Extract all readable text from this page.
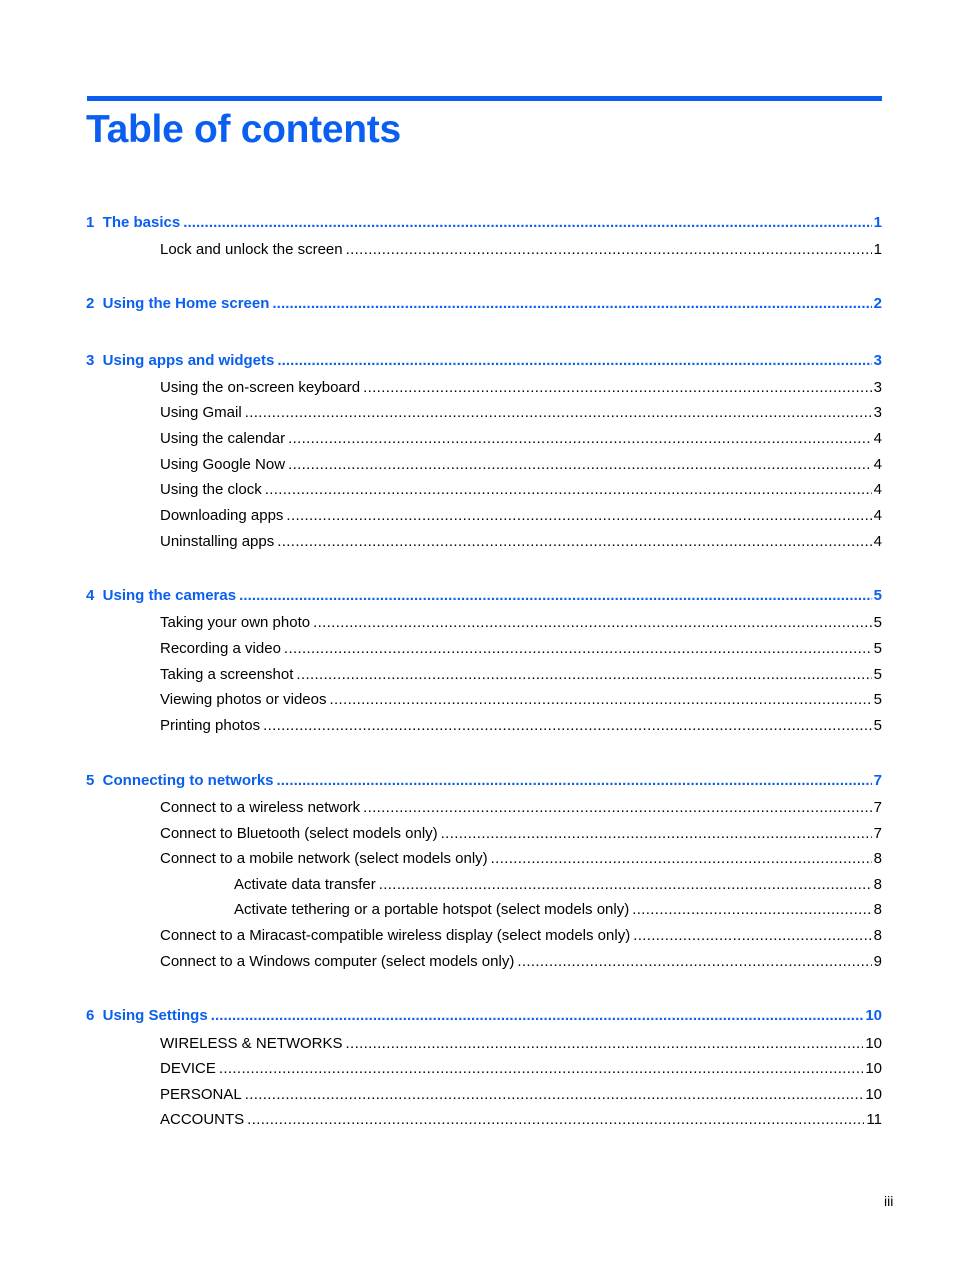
Table of contents
1  The basics .....	1
Lock and unlock the screen .....	1
2  Using the Home screen .....	2
3  Using apps and widgets .....	3
Using the on-screen keyboard .....	3
Using Gmail .....	3
Using the calendar .....	4
Using Google Now .....	4
Using the clock .....	4
Downloading apps .....	4
Uninstalling apps .....	4
4  Using the cameras .....	5
Taking your own photo .....	5
Recording a video .....	5
Taking a screenshot .....	5
Viewing photos or videos .....	5
Printing photos .....	5
5  Connecting to networks .....	7
Connect to a wireless network .....	7
Connect to Bluetooth (select models only) .....	7
Connect to a mobile network (select models only) .....	8
Activate data transfer .....	8
Activate tethering or a portable hotspot (select models only) .....	8
Connect to a Miracast-compatible wireless display (select models only) .....	8
Connect to a Windows computer (select models only) .....	9
6  Using Settings .....	10
WIRELESS & NETWORKS .....	10
DEVICE .....	10
PERSONAL .....	10
ACCOUNTS .....	11
iii
